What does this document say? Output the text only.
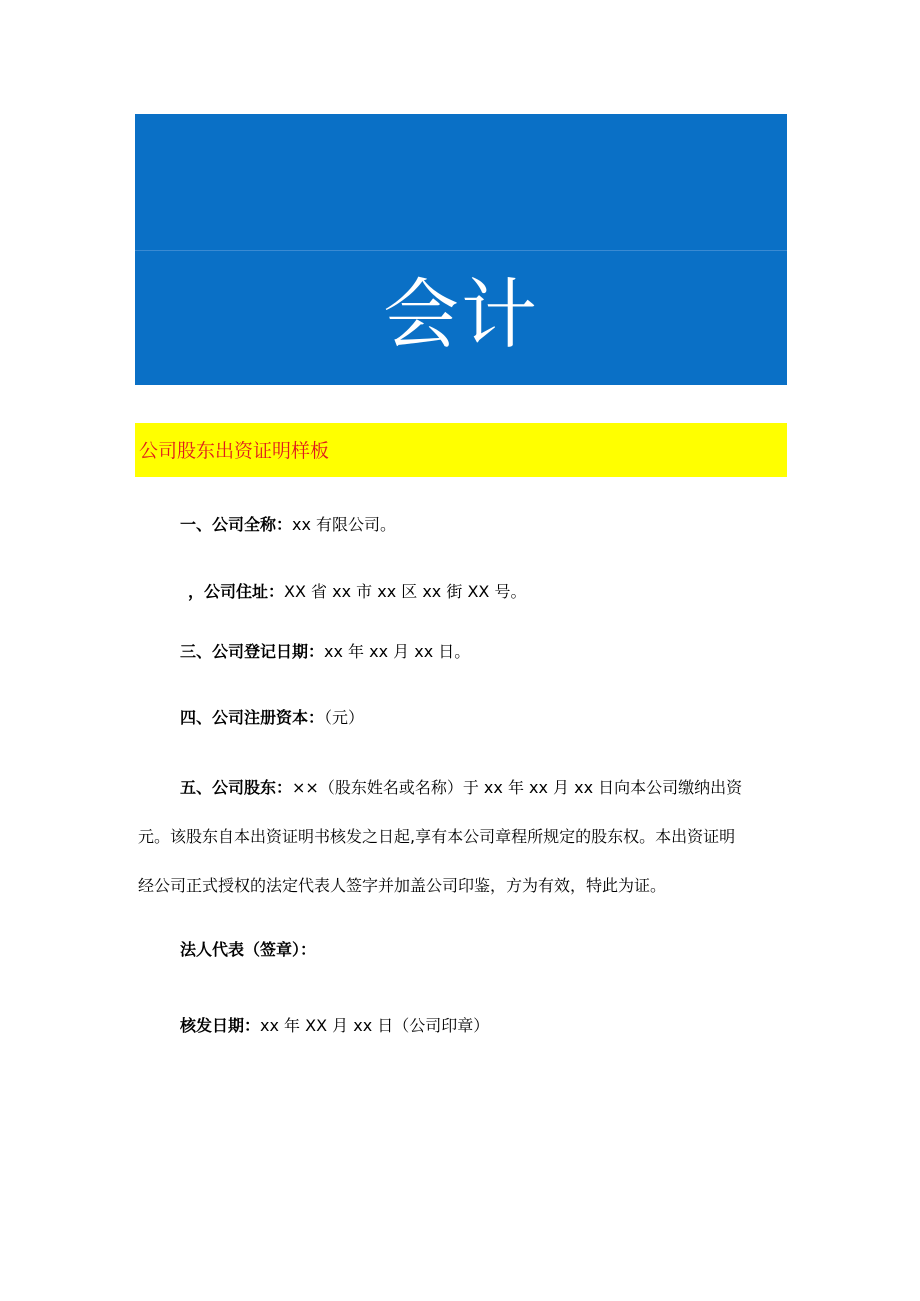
会计
公司股东出资证明样板
一、公司全称：xx 有限公司。
，公司住址：XX 省 xx 市 xx 区 xx 街 XX 号。
三、公司登记日期：xx 年 xx 月 xx 日。
四、公司注册资本：（元）
五、公司股东：××（股东姓名或名称）于 xx 年 xx 月 xx 日向本公司缴纳出资
元。该股东自本出资证明书核发之日起,享有本公司章程所规定的股东权。本出资证明
经公司正式授权的法定代表人签字并加盖公司印鉴，方为有效，特此为证。
法人代表（签章）：
核发日期：xx 年 XX 月 xx 日（公司印章）
